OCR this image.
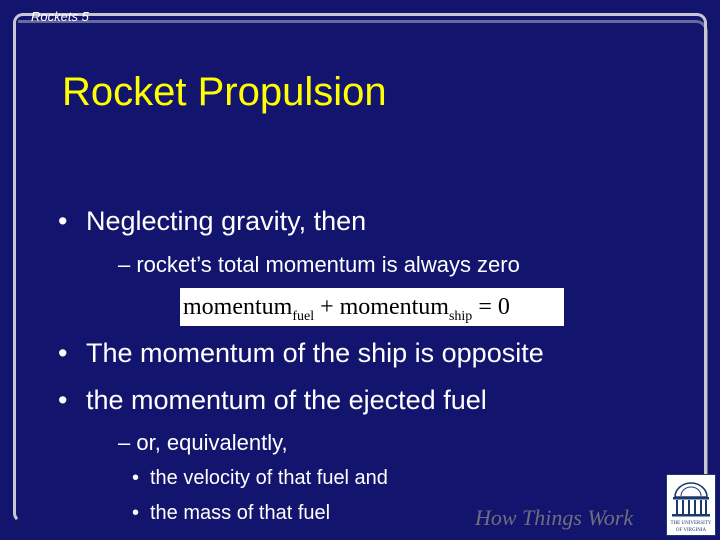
Rockets 5
Rocket Propulsion
• Neglecting gravity, then
– rocket’s total momentum is always zero
momentum$_{fuel}$ + momentum$_{ship}$ = 0
• The momentum of the ship is opposite
• the momentum of the ejected fuel
– or, equivalently,
• the velocity of that fuel and
• the mass of that fuel	How Things Work	THE UNIVERSITY
OF VIRGINIA
